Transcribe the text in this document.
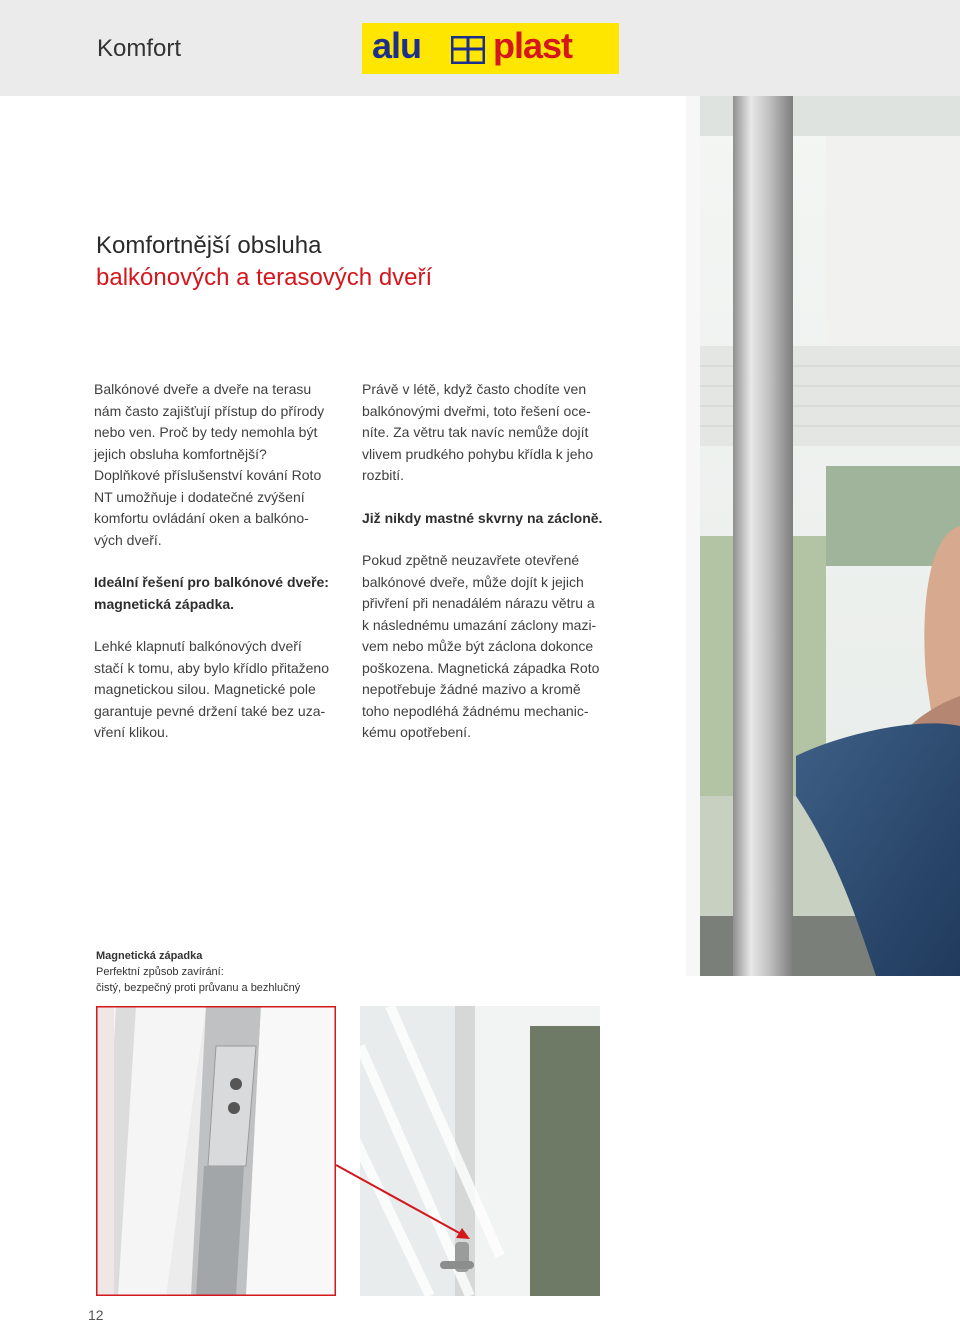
Komfort	alu plast
Komfortnější obsluha
balkónových a terasových dveří

Balkónové dveře a dveře na terasu

nám často zajišťují přístup do přírody

nebo ven. Proč by tedy nemohla být

jejich obsluha komfortnější?

Doplňkové příslušenství kování Roto

NT umožňuje i dodatečné zvýšení

komfortu ovládání oken a balkóno-

vých dveří.

Ideální řešení pro balkónové dveře:

magnetická západka.

Lehké klapnutí balkónových dveří

stačí k tomu, aby bylo křídlo přitaženo

magnetickou silou. Magnetické pole

garantuje pevné držení také bez uza-

vření klikou.

Právě v létě, když často chodíte ven

balkónovými dveřmi, toto řešení oce-

níte. Za větru tak navíc nemůže dojít

vlivem prudkého pohybu křídla k jeho

rozbití.

Již nikdy mastné skvrny na záclonĕ.

Pokud zpětně neuzavřete otevřené

balkónové dveře, může dojít k jejich

přivření při nenadálém nárazu větru a

k následnému umazání záclony mazi-

vem nebo může být záclona dokonce

poškozena. Magnetická západka Roto

nepotřebuje žádné mazivo a kromě

toho nepodléhá žádnému mechanic-

kému opotřebení.

Magnetická západka
Perfektní způsob zavírání:
čistý, bezpečný proti průvanu a bezhlučný
12
